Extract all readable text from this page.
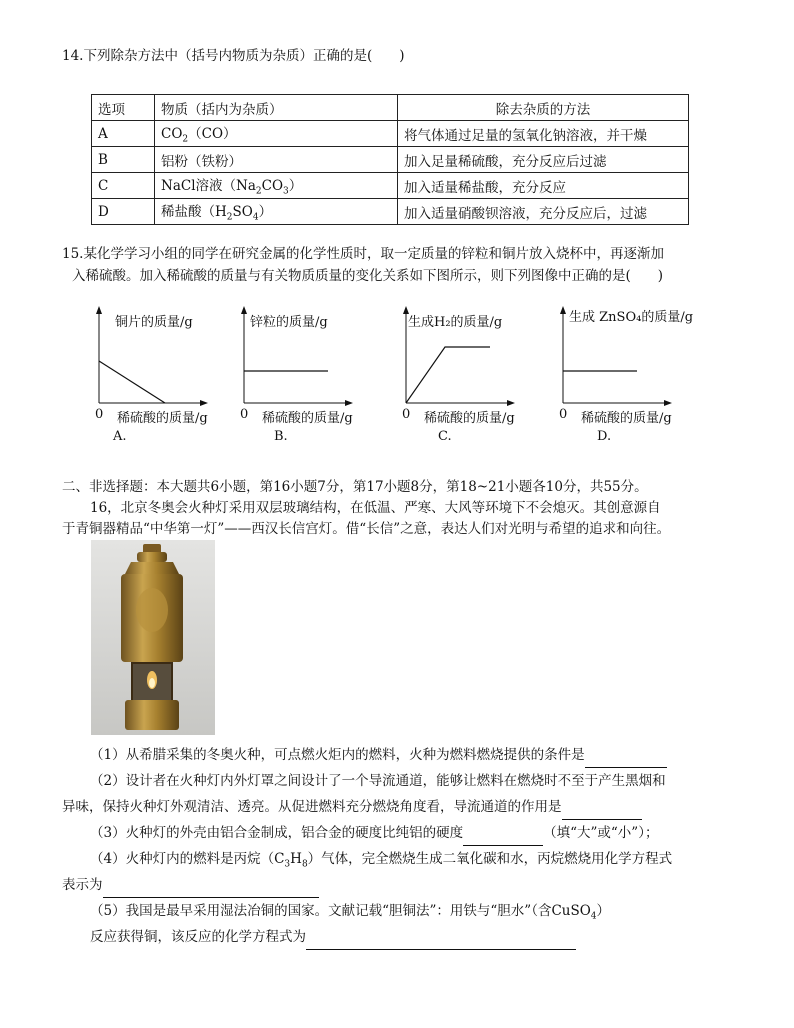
14.下列除杂方法中（括号内物质为杂质）正确的是(　　)
选项	物质（括内为杂质）	除去杂质的方法
A	$CO_2(CO)$	将气体通过足量的氢氧化钠溶液，并干燥
B	铝粉（铁粉）	加入足量稀硫酸，充分反应后过滤
C	NaCl溶液$(Na_2CO_3)$	加入适量稀盐酸，充分反应
D	稀盐酸$(H_2SO_4)$	加入适量硝酸钡溶液，充分反应后，过滤
15.某化学学习小组的同学在研究金属的化学性质时，取一定质量的锌粒和铜片放入烧杯中，再逐渐加
入稀硫酸。加入稀硫酸的质量与有关物质质量的变化关系如下图所示，则下列图像中正确的是(　　)
铜片的质量/g
0 稀硫酸的质量/g
A.
锌粒的质量/g
0 稀硫酸的质量/g
B.
生成H₂的质量/g
0 稀硫酸的质量/g
C.
生成 ZnSO₄的质量/g
0 稀硫酸的质量/g
D.
二、非选择题：本大题共6小题，第16小题7分，第17小题8分，第18~21小题各10分，共55分。
16，北京冬奥会火种灯采用双层玻璃结构，在低温、严寒、大风等环境下不会熄灭。其创意源自
于青铜器精品“中华第一灯”——西汉长信宫灯。借“长信”之意，表达人们对光明与希望的追求和向往。
（1）从希腊采集的冬奥火种，可点燃火炬内的燃料，火种为燃料燃烧提供的条件是
（2）设计者在火种灯内外灯罩之间设计了一个导流通道，能够让燃料在燃烧时不至于产生黑烟和
异味，保持火种灯外观清洁、透亮。从促进燃料充分燃烧角度看，导流通道的作用是
（3）火种灯的外壳由铝合金制成，铝合金的硬度比纯铝的硬度	（填“大”或“小”）；
（4）火种灯内的燃料是丙烷$(C_3H_8)$气体，完全燃烧生成二氧化碳和水，丙烷燃烧用化学方程式
表示为
（5）我国是最早采用湿法冶铜的国家。文献记载“胆铜法”：用铁与“胆水”（含CuSO$_4$）
反应获得铜，该反应的化学方程式为
